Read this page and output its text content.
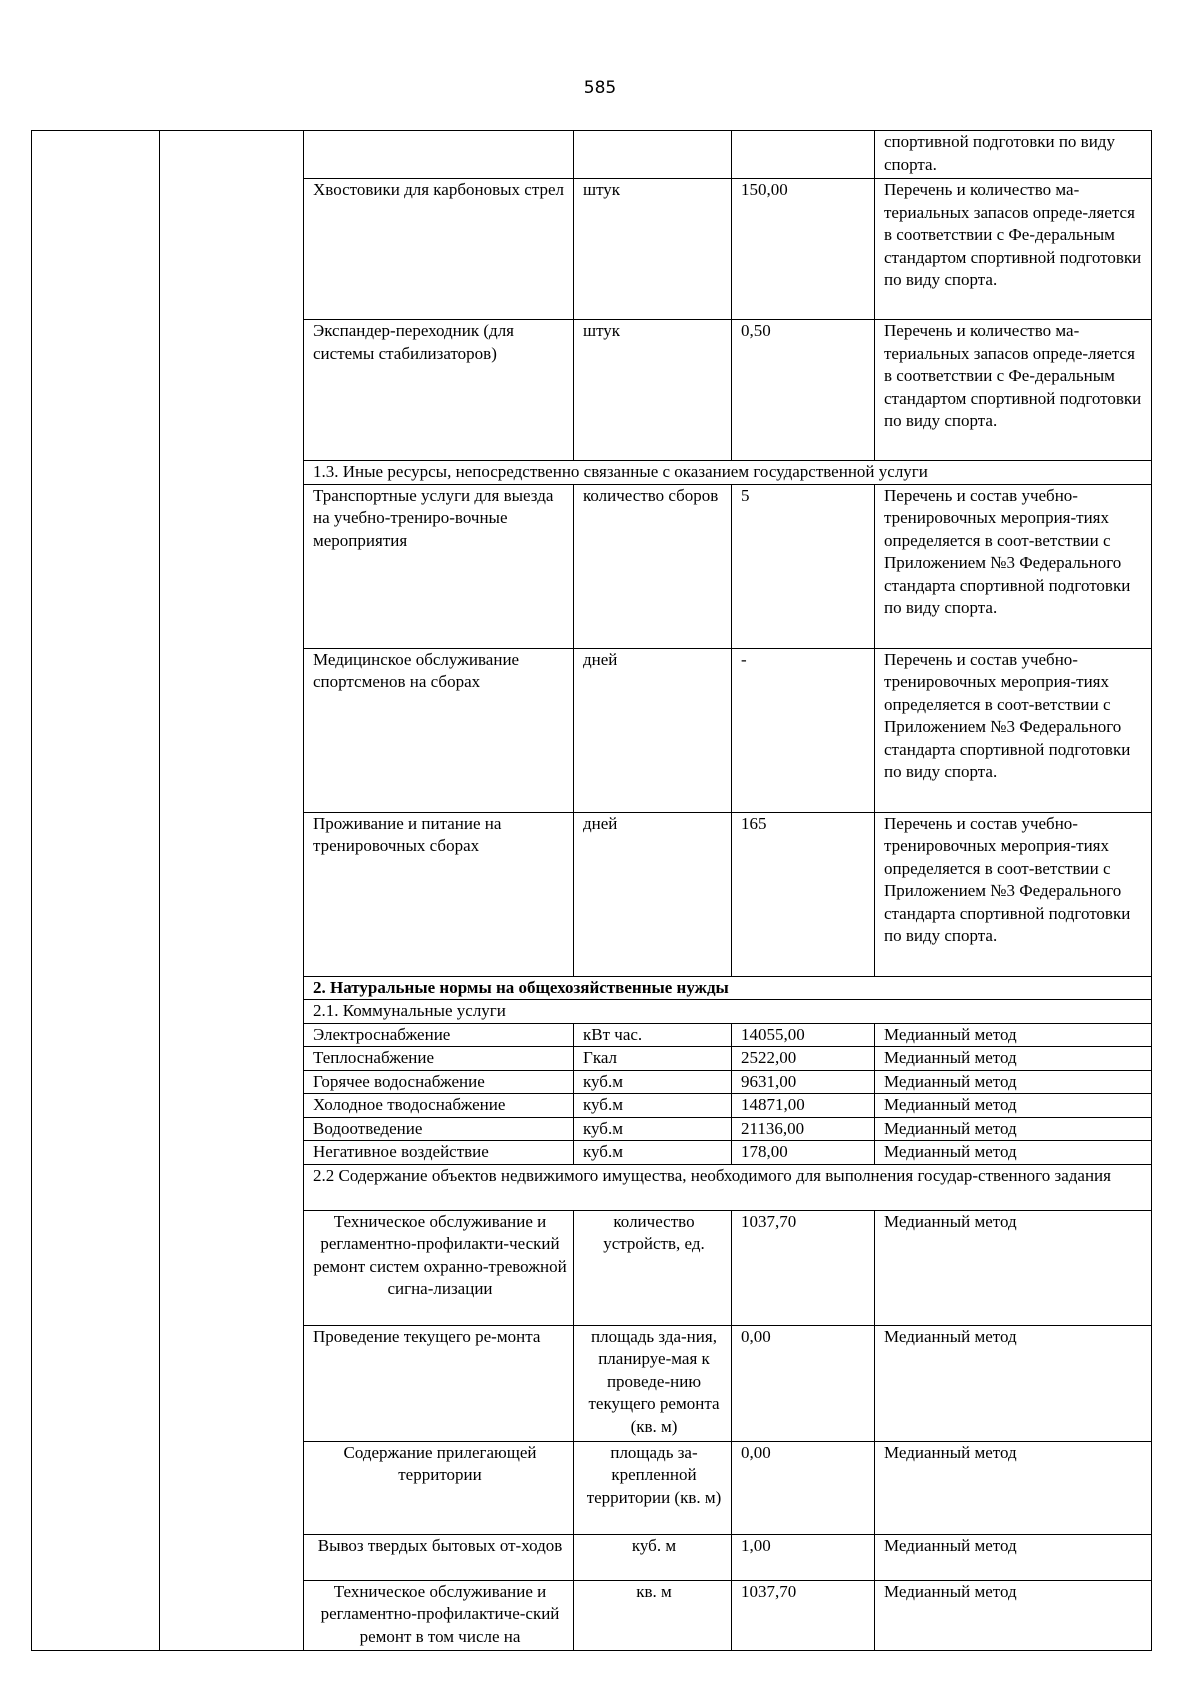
585
					спортивной подготовки по виду спорта.
		Хвостовики для карбоновых стрел	штук	150,00	Перечень и количество ма-териальных запасов опреде-ляется в соответствии с Фе-деральным стандартом спортивной подготовки по виду спорта.
		Экспандер-переходник (для системы стабилизаторов)	штук	0,50	Перечень и количество ма-териальных запасов опреде-ляется в соответствии с Фе-деральным стандартом спортивной подготовки по виду спорта.
		1.3. Иные ресурсы, непосредственно связанные с оказанием государственной услуги			
		Транспортные услуги для выезда на учебно-трениро-вочные мероприятия	количество сборов	5	Перечень и состав учебно-тренировочных мероприя-тиях определяется в соот-ветствии с Приложением №3 Федерального стандарта спортивной подготовки по виду спорта.
		Медицинское обслуживание спортсменов на сборах	дней	-	Перечень и состав учебно-тренировочных мероприя-тиях определяется в соот-ветствии с Приложением №3 Федерального стандарта спортивной подготовки по виду спорта.
		Проживание и питание на тренировочных сборах	дней	165	Перечень и состав учебно-тренировочных мероприя-тиях определяется в соот-ветствии с Приложением №3 Федерального стандарта спортивной подготовки по виду спорта.
		2. Натуральные нормы на общехозяйственные нужды			
		2.1. Коммунальные услуги			
		Электроснабжение	кВт час.	14055,00	Медианный метод
		Теплоснабжение	Гкал	2522,00	Медианный метод
		Горячее водоснабжение	куб.м	9631,00	Медианный метод
		Холодное тводоснабжение	куб.м	14871,00	Медианный метод
		Водоотведение	куб.м	21136,00	Медианный метод
		Негативное воздействие	куб.м	178,00	Медианный метод
		2.2 Содержание объектов недвижимого имущества, необходимого для выполнения государ-ственного задания			
		Техническое обслуживание и регламентно-профилакти-ческий ремонт систем охранно-тревожной сигна-лизации	количество устройств, ед.	1037,70	Медианный метод
		Проведение текущего ре-монта	площадь зда-ния, планируе-мая к проведе-нию текущего ремонта (кв. м)	0,00	Медианный метод
		Содержание прилегающей территории	площадь за-крепленной территории (кв. м)	0,00	Медианный метод
		Вывоз твердых бытовых от-ходов	куб. м	1,00	Медианный метод
		Техническое обслуживание и регламентно-профилактиче-ский ремонт в том числе на	кв. м	1037,70	Медианный метод
